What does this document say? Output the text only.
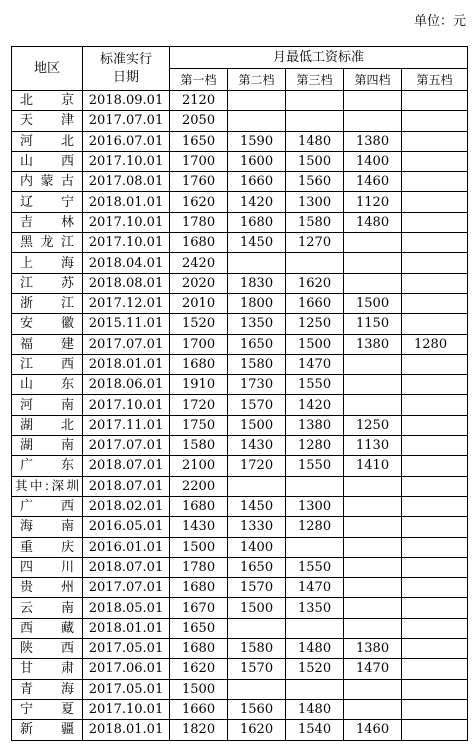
单位：元
地区	标准实行日期	月最低工资标准				
		第一档	第二档	第三档	第四档	第五档
北京	2018.09.01	2120				
天津	2017.07.01	2050				
河北	2016.07.01	1650	1590	1480	1380	
山西	2017.10.01	1700	1600	1500	1400	
内蒙古	2017.08.01	1760	1660	1560	1460	
辽宁	2018.01.01	1620	1420	1300	1120	
吉林	2017.10.01	1780	1680	1580	1480	
黑龙江	2017.10.01	1680	1450	1270		
上海	2018.04.01	2420				
江苏	2018.08.01	2020	1830	1620		
浙江	2017.12.01	2010	1800	1660	1500	
安徽	2015.11.01	1520	1350	1250	1150	
福建	2017.07.01	1700	1650	1500	1380	1280
江西	2018.01.01	1680	1580	1470		
山东	2018.06.01	1910	1730	1550		
河南	2017.10.01	1720	1570	1420		
湖北	2017.11.01	1750	1500	1380	1250	
湖南	2017.07.01	1580	1430	1280	1130	
广东	2018.07.01	2100	1720	1550	1410	
其中:深圳	2018.07.01	2200				
广西	2018.02.01	1680	1450	1300		
海南	2016.05.01	1430	1330	1280		
重庆	2016.01.01	1500	1400			
四川	2018.07.01	1780	1650	1550		
贵州	2017.07.01	1680	1570	1470		
云南	2018.05.01	1670	1500	1350		
西藏	2018.01.01	1650				
陕西	2017.05.01	1680	1580	1480	1380	
甘肃	2017.06.01	1620	1570	1520	1470	
青海	2017.05.01	1500				
宁夏	2017.10.01	1660	1560	1480		
新疆	2018.01.01	1820	1620	1540	1460	
